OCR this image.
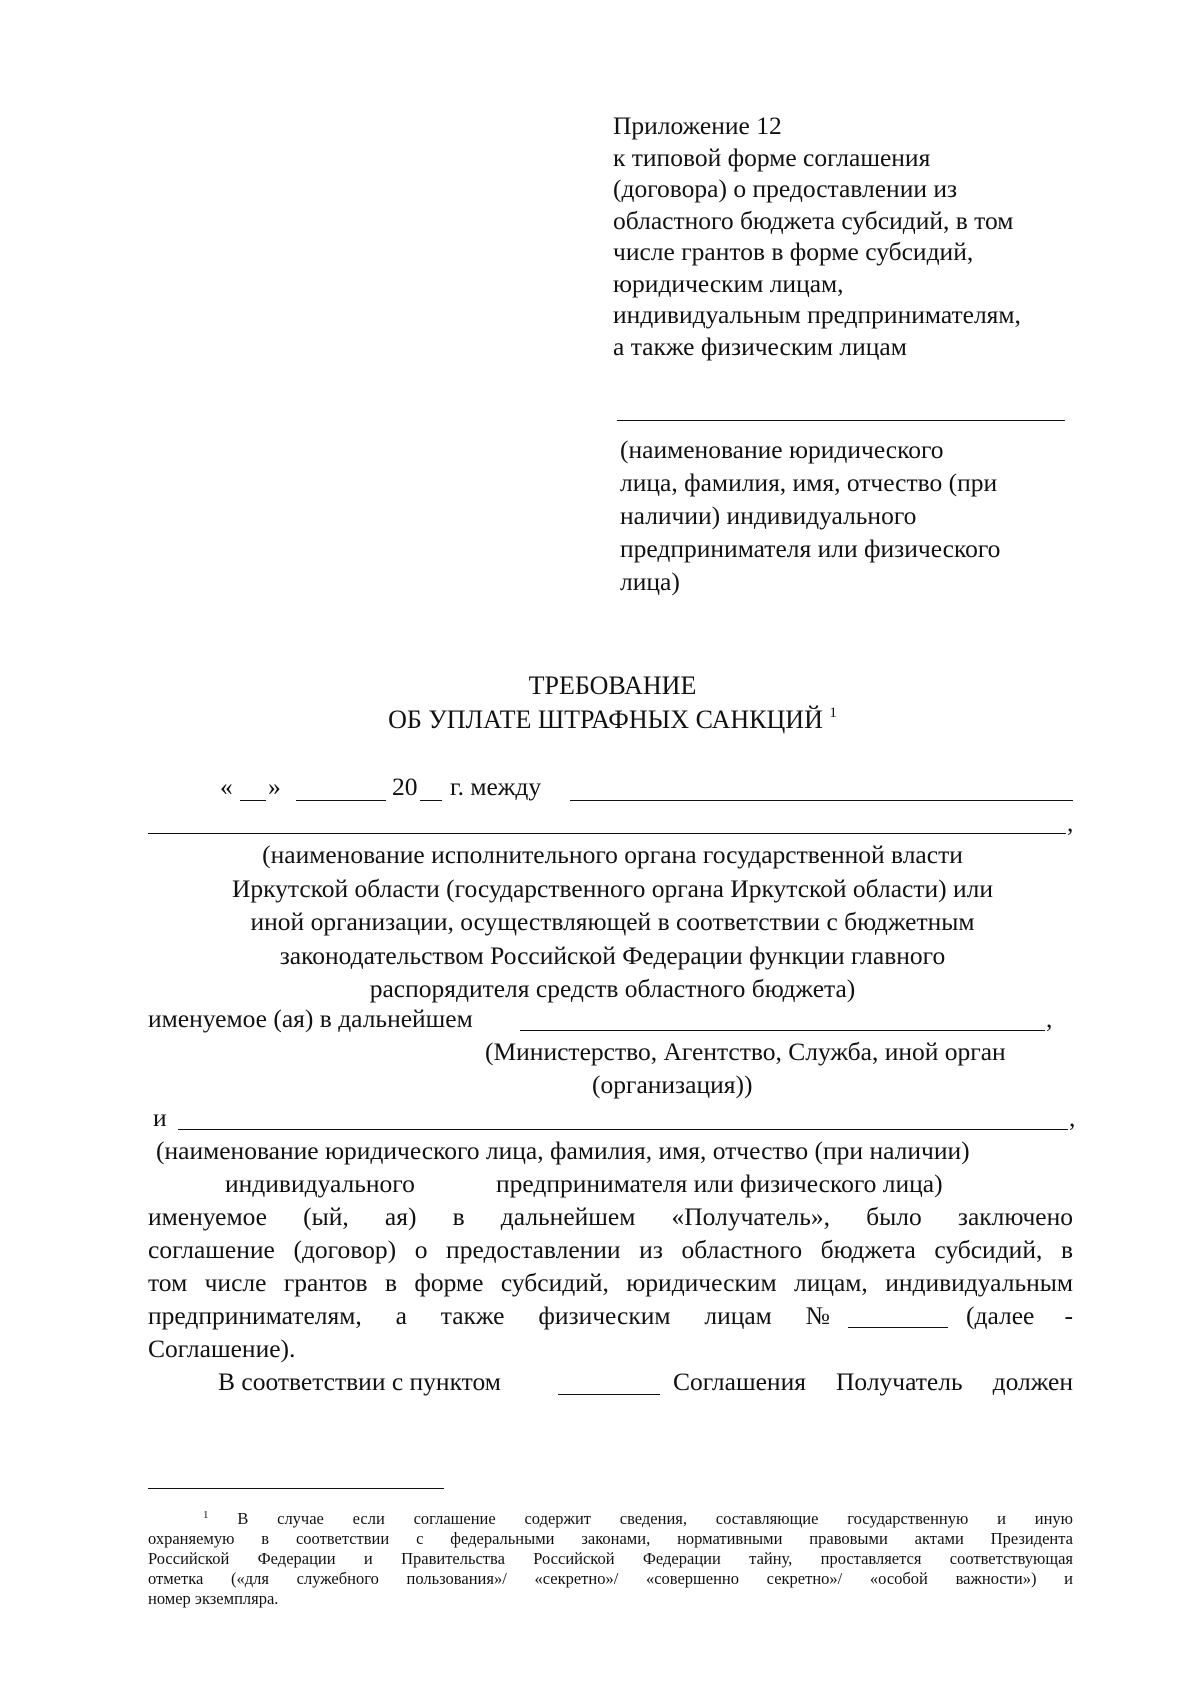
Приложение 12
к типовой форме соглашения
(договора) о предоставлении из
областного бюджета субсидий, в том
числе грантов в форме субсидий,
юридическим лицам,
индивидуальным предпринимателям,
а также физическим лицам
(наименование юридического
лица, фамилия, имя, отчество (при
наличии) индивидуального
предпринимателя или физического
лица)
ТРЕБОВАНИЕ
ОБ УПЛАТЕ ШТРАФНЫХ САНКЦИЙ $^1$
« »	20 г. между
,
(наименование исполнительного органа государственной власти
Иркутской области (государственного органа Иркутской области) или
иной организации, осуществляющей в соответствии с бюджетным
законодательством Российской Федерации функции главного
распорядителя средств областного бюджета)
именуемое (ая) в дальнейшем	,
(Министерство, Агентство, Служба, иной орган
(организация))
и	,
(наименование юридического лица, фамилия, имя, отчество (при наличии)
индивидуального	предпринимателя или физического лица)
именуемое (ый, ая) в дальнейшем «Получатель», было заключено
соглашение (договор) о предоставлении из областного бюджета субсидий, в
том числе грантов в форме субсидий, юридическим лицам, индивидуальным
предпринимателям, а также физическим лицам №	(далее -
Соглашение).
В соответствии с пунктом	Соглашения Получатель должен
$^1$ В случае если соглашение содержит сведения, составляющие государственную и иную
охраняемую в соответствии с федеральными законами, нормативными правовыми актами Президента
Российской Федерации и Правительства Российской Федерации тайну, проставляется соответствующая
отметка («для служебного пользования»/ «секретно»/ «совершенно секретно»/ «особой важности») и
номер экземпляра.
